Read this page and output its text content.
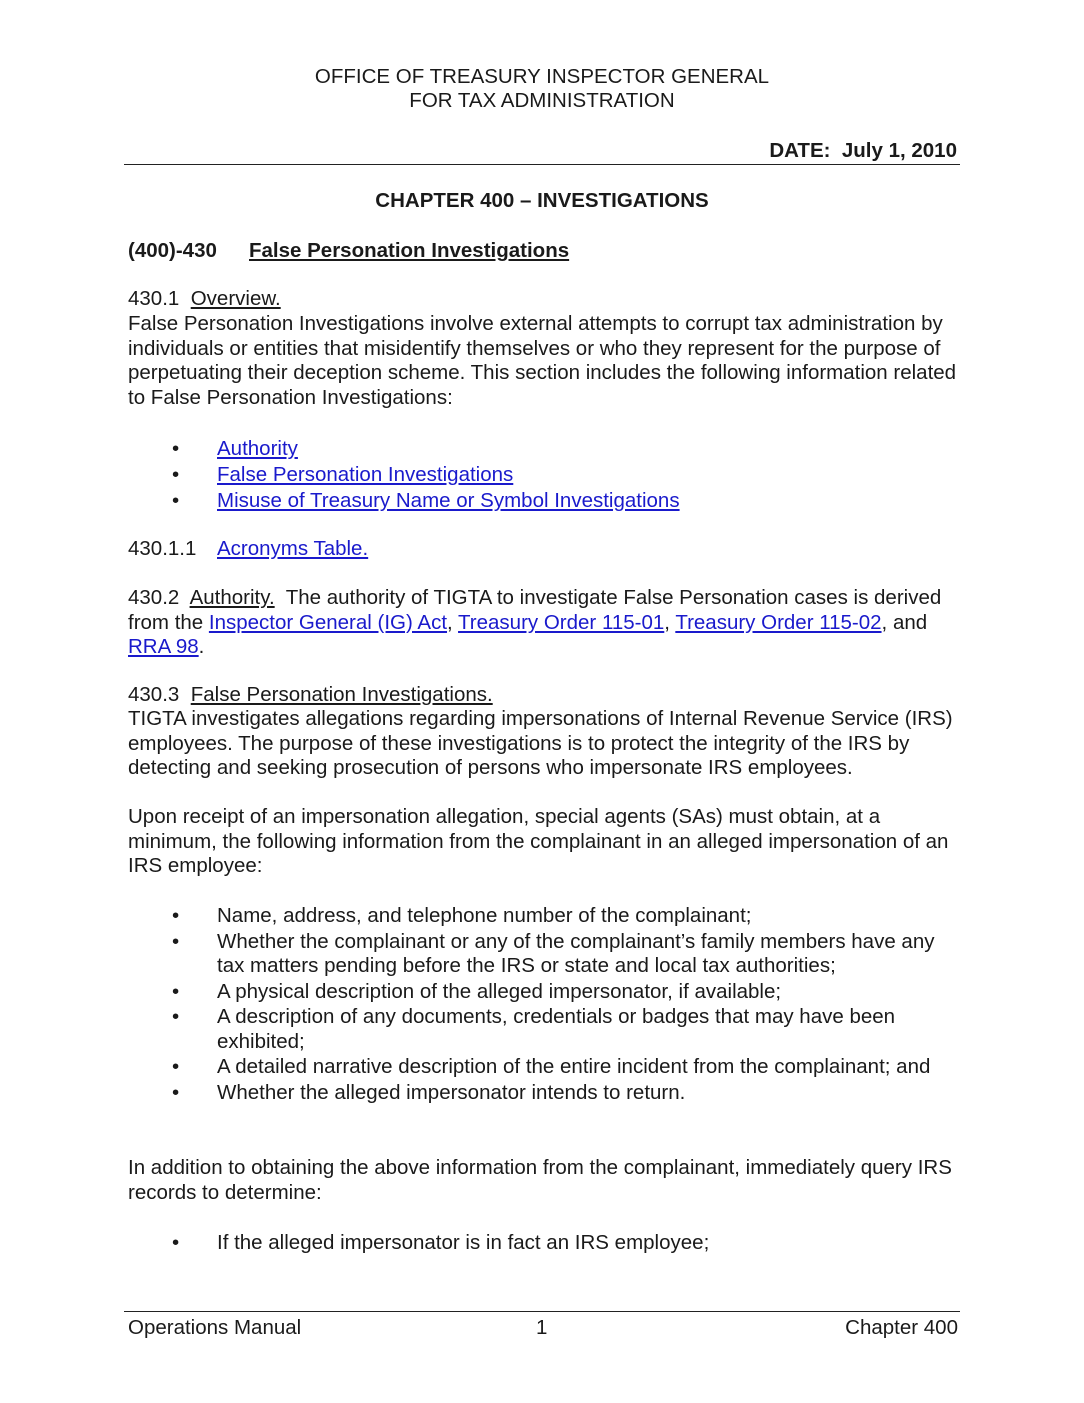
OFFICE OF TREASURY INSPECTOR GENERAL
FOR TAX ADMINISTRATION
DATE: July 1, 2010
CHAPTER 400 – INVESTIGATIONS
(400)-430 False Personation Investigations
430.1 Overview.
False Personation Investigations involve external attempts to corrupt tax administration by individuals or entities that misidentify themselves or who they represent for the purpose of perpetuating their deception scheme. This section includes the following information related to False Personation Investigations:
• Authority
• False Personation Investigations
• Misuse of Treasury Name or Symbol Investigations
430.1.1 Acronyms Table.
430.2 Authority. The authority of TIGTA to investigate False Personation cases is derived from the Inspector General (IG) Act, Treasury Order 115-01, Treasury Order 115-02, and RRA 98.
430.3 False Personation Investigations.
TIGTA investigates allegations regarding impersonations of Internal Revenue Service (IRS) employees. The purpose of these investigations is to protect the integrity of the IRS by detecting and seeking prosecution of persons who impersonate IRS employees.
Upon receipt of an impersonation allegation, special agents (SAs) must obtain, at a minimum, the following information from the complainant in an alleged impersonation of an IRS employee:
• Name, address, and telephone number of the complainant;
• Whether the complainant or any of the complainant’s family members have any tax matters pending before the IRS or state and local tax authorities;
• A physical description of the alleged impersonator, if available;
• A description of any documents, credentials or badges that may have been exhibited;
• A detailed narrative description of the entire incident from the complainant; and
• Whether the alleged impersonator intends to return.
In addition to obtaining the above information from the complainant, immediately query IRS records to determine:
• If the alleged impersonator is in fact an IRS employee;
Operations Manual	1	Chapter 400
